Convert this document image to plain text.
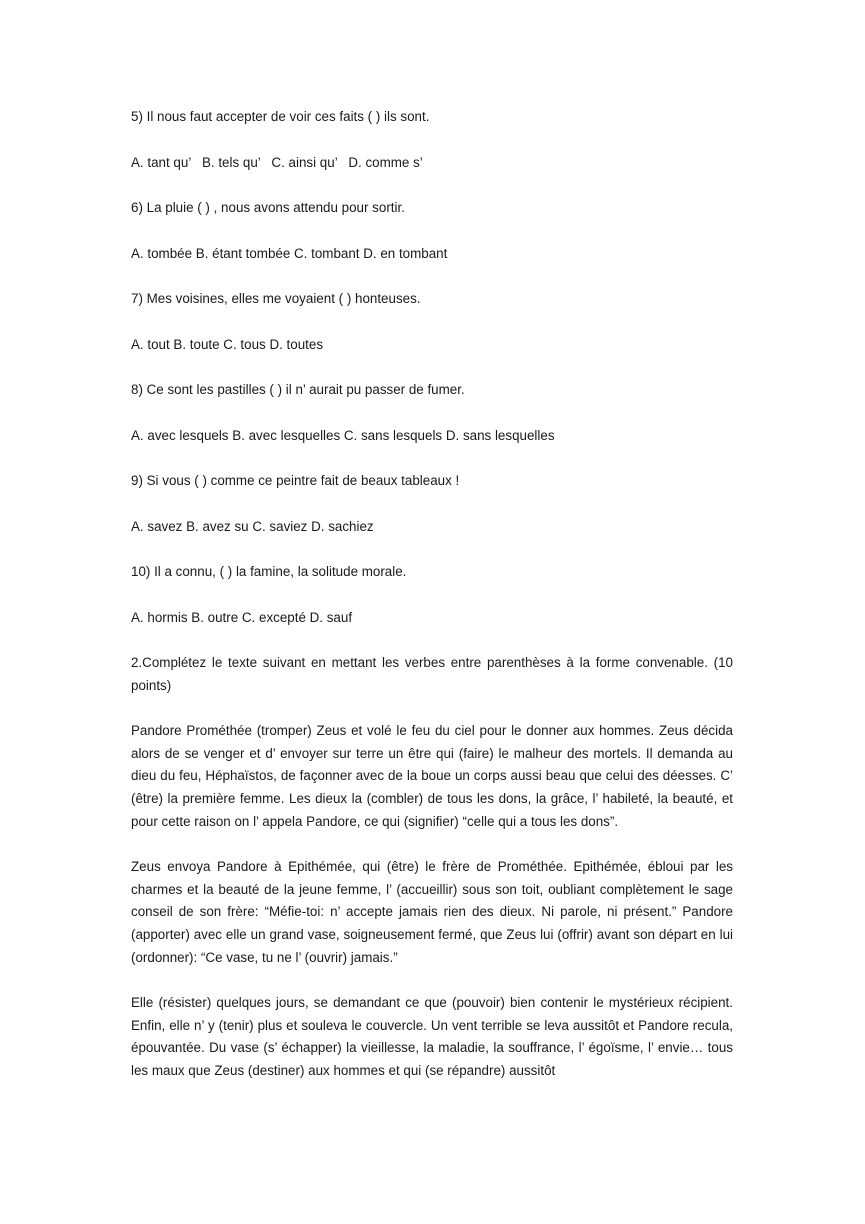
5) Il nous faut accepter de voir ces faits ( ) ils sont.

A. tant qu’   B. tels qu’   C. ainsi qu’   D. comme s’

6) La pluie ( ) , nous avons attendu pour sortir.

A. tombée B. étant tombée C. tombant D. en tombant

7) Mes voisines, elles me voyaient ( ) honteuses.

A. tout B. toute C. tous D. toutes

8) Ce sont les pastilles ( ) il n’ aurait pu passer de fumer.

A. avec lesquels B. avec lesquelles C. sans lesquels D. sans lesquelles

9) Si vous ( ) comme ce peintre fait de beaux tableaux !

A. savez B. avez su C. saviez D. sachiez

10) Il a connu, ( ) la famine, la solitude morale.

A. hormis B. outre C. excepté D. sauf

2.Complétez le texte suivant en mettant les verbes entre parenthèses à la forme convenable. (10 points)

Pandore Prométhée (tromper) Zeus et volé le feu du ciel pour le donner aux hommes. Zeus décida alors de se venger et d’ envoyer sur terre un être qui (faire) le malheur des mortels. Il demanda au dieu du feu, Héphaïstos, de façonner avec de la boue un corps aussi beau que celui des déesses. C’ (être) la première femme. Les dieux la (combler) de tous les dons, la grâce, l’ habileté, la beauté, et pour cette raison on l’ appela Pandore, ce qui (signifier) “celle qui a tous les dons”.

Zeus envoya Pandore à Epithémée, qui (être) le frère de Prométhée. Epithémée, ébloui par les charmes et la beauté de la jeune femme, l’ (accueillir) sous son toit, oubliant complètement le sage conseil de son frère: “Méfie-toi: n’ accepte jamais rien des dieux. Ni parole, ni présent.” Pandore (apporter) avec elle un grand vase, soigneusement fermé, que Zeus lui (offrir) avant son départ en lui (ordonner): “Ce vase, tu ne l’ (ouvrir) jamais.”

Elle (résister) quelques jours, se demandant ce que (pouvoir) bien contenir le mystérieux récipient. Enfin, elle n’ y (tenir) plus et souleva le couvercle. Un vent terrible se leva aussitôt et Pandore recula, épouvantée. Du vase (s’ échapper) la vieillesse, la maladie, la souffrance, l’ égoïsme, l’ envie… tous les maux que Zeus (destiner) aux hommes et qui (se répandre) aussitôt
